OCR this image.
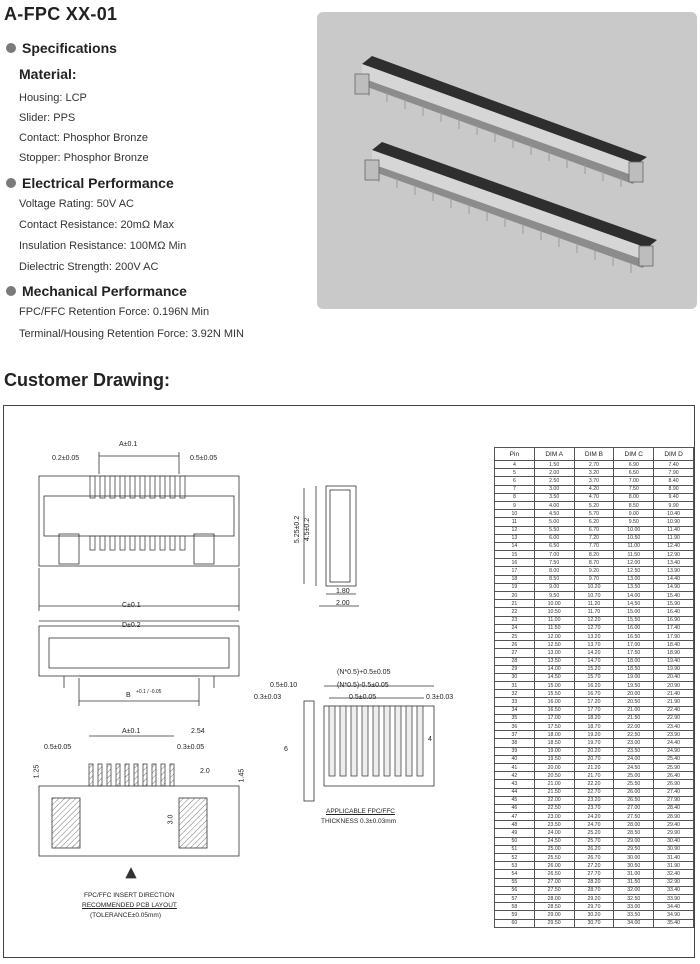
A-FPC XX-01
Specifications
Material:
Housing: LCP
Slider: PPS
Contact: Phosphor Bronze
Stopper: Phosphor Bronze
Electrical Performance
Voltage Rating: 50V AC
Contact Resistance: 20mΩ Max
Insulation Resistance: 100MΩ Min
Dielectric Strength: 200V AC
Mechanical Performance
FPC/FFC Retention Force: 0.196N Min
Terminal/Housing Retention Force: 3.92N MIN
Customer Drawing:
A±0.1
0.2±0.05	0.5±0.05
C±0.1
D±0.2
B +0.1 / -0.05
5.25±0.2 4.5±0.2
1.80
2.00
(N*0.5)+0.5±0.05
(N*0.5)-0.5±0.05
0.5±0.05
0.5±0.10
0.3±0.03	0.3±0.03
6
4
APPLICABLE FPC/FFC
THICKNESS 0.3±0.03mm
A±0.1	2.54
0.5±0.05	0.3±0.05
1.25	2.0	1.45
3.0
FPC/FFC INSERT DIRECTION
RECOMMENDED PCB LAYOUT
(TOLERANCE±0.05mm)
Pin	DIM A	DIM B	DIM C	DIM D
4	1.50	2.70	6.90	7.40
5	2.00	3.20	6.50	7.90
6	2.50	3.70	7.00	8.40
7	3.00	4.20	7.50	8.90
8	3.50	4.70	8.00	9.40
9	4.00	5.20	8.50	9.90
10	4.50	5.70	9.00	10.40
11	5.00	6.20	9.50	10.90
12	5.50	6.70	10.00	11.40
13	6.00	7.20	10.50	11.90
14	6.50	7.70	11.00	12.40
15	7.00	8.20	11.50	12.90
16	7.50	8.70	12.00	13.40
17	8.00	9.20	12.50	13.90
18	8.50	9.70	13.00	14.40
19	9.00	10.20	13.50	14.90
20	9.50	10.70	14.00	15.40
21	10.00	11.20	14.50	15.90
22	10.50	11.70	15.00	16.40
23	11.00	12.20	15.50	16.90
24	11.50	12.70	16.00	17.40
25	12.00	13.20	16.50	17.90
26	12.50	13.70	17.00	18.40
27	13.00	14.20	17.50	18.90
28	13.50	14.70	18.00	19.40
29	14.00	15.20	18.50	19.90
30	14.50	15.70	19.00	20.40
31	15.00	16.20	19.50	20.90
32	15.50	16.70	20.00	21.40
33	16.00	17.20	20.50	21.90
34	16.50	17.70	21.00	22.40
35	17.00	18.20	21.50	22.90
36	17.50	18.70	22.00	23.40
37	18.00	19.20	22.50	23.90
38	18.50	19.70	23.00	24.40
39	19.00	20.20	23.50	24.90
40	19.50	20.70	24.00	25.40
41	20.00	21.20	24.50	25.90
42	20.50	21.70	25.00	26.40
43	21.00	22.20	25.50	26.90
44	21.50	22.70	26.00	27.40
45	22.00	23.20	26.50	27.90
46	22.50	23.70	27.00	28.40
47	23.00	24.20	27.50	28.90
48	23.50	24.70	28.00	29.40
49	24.00	25.20	28.50	29.90
50	24.50	25.70	29.00	30.40
51	25.00	26.20	29.50	30.90
52	25.50	26.70	30.00	31.40
53	26.00	27.20	30.50	31.90
54	26.50	27.70	31.00	32.40
55	27.00	28.20	31.50	32.90
56	27.50	28.70	32.00	33.40
57	28.00	29.20	32.50	33.90
58	28.50	29.70	33.00	34.40
59	29.00	30.20	33.50	34.90
60	29.50	30.70	34.00	35.40
